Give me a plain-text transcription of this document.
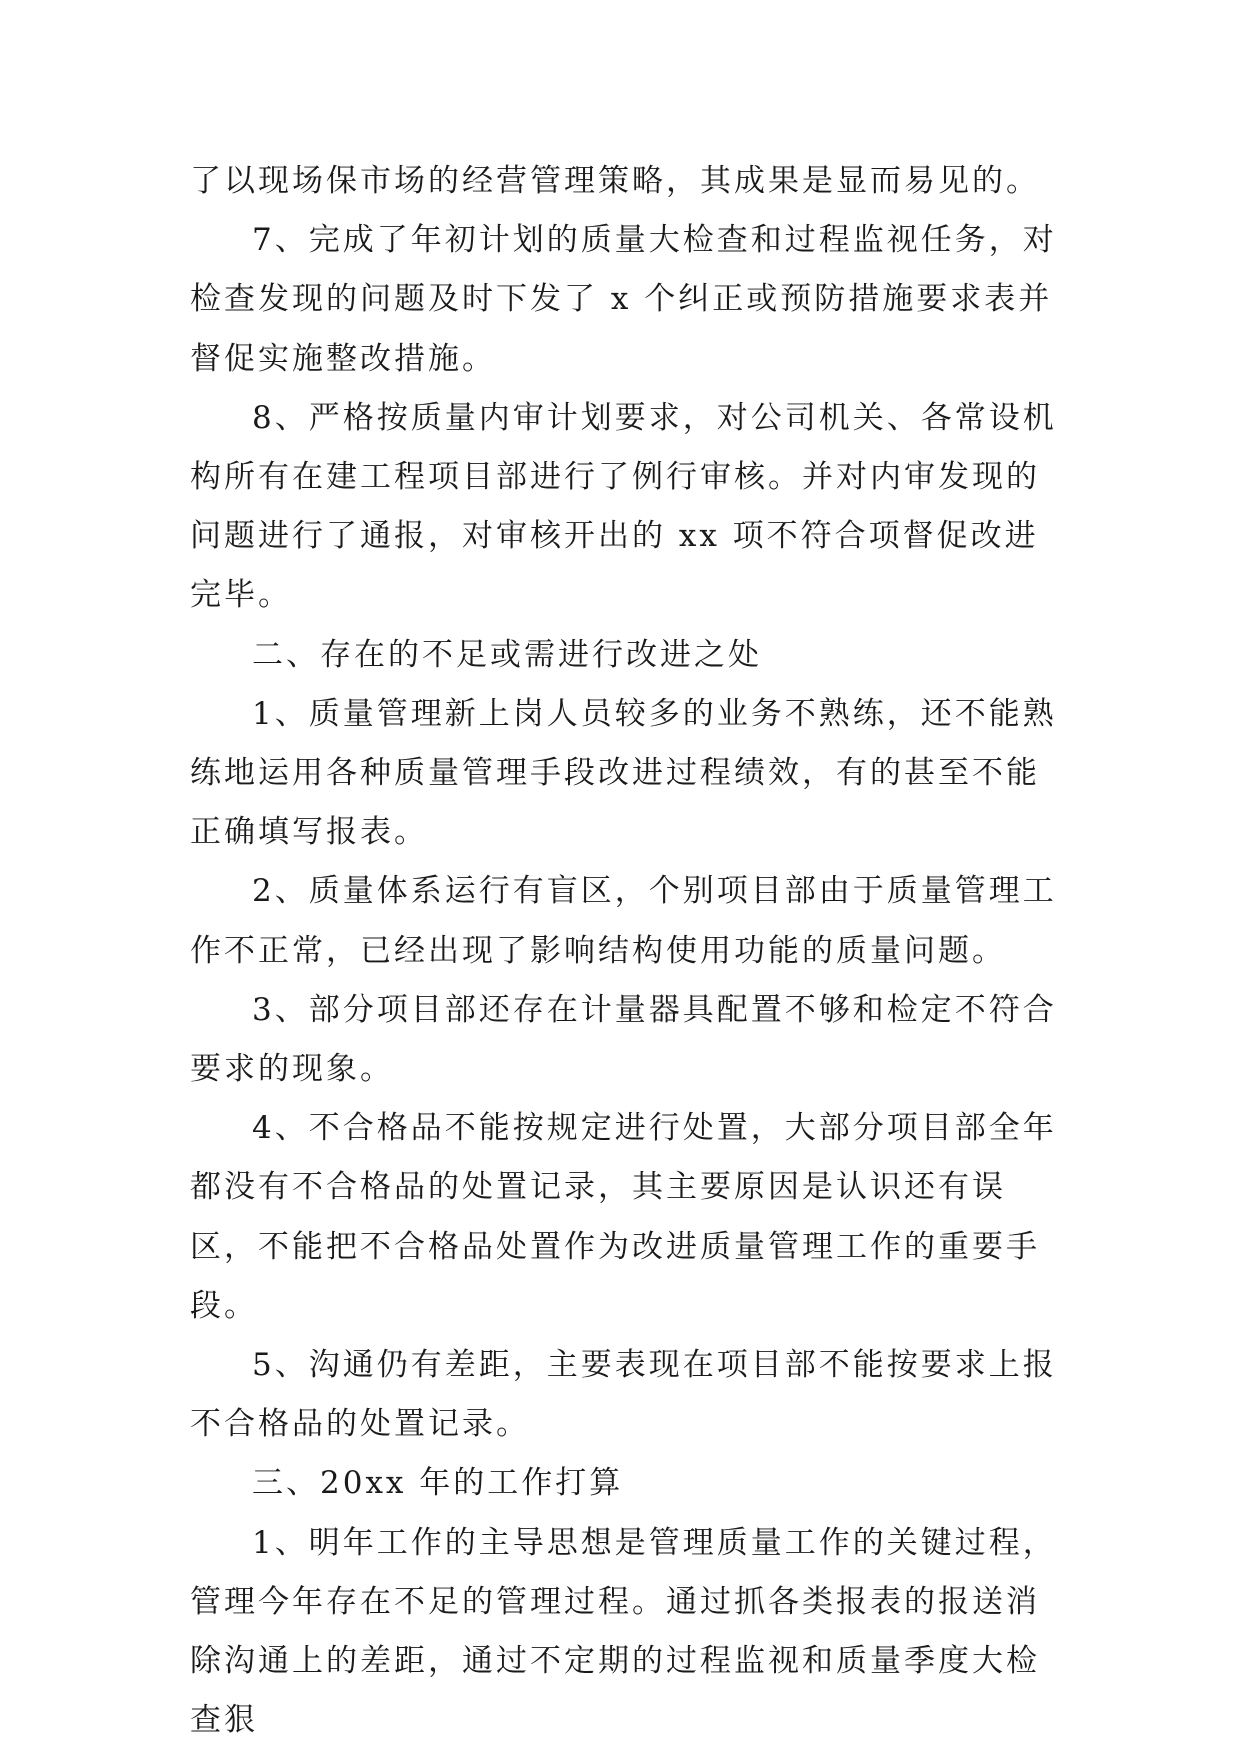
了以现场保市场的经营管理策略，其成果是显而易见的。

7、完成了年初计划的质量大检查和过程监视任务，对检查发现的问题及时下发了 x 个纠正或预防措施要求表并督促实施整改措施。

8、严格按质量内审计划要求，对公司机关、各常设机构所有在建工程项目部进行了例行审核。并对内审发现的问题进行了通报，对审核开出的 xx 项不符合项督促改进完毕。

二、存在的不足或需进行改进之处

1、质量管理新上岗人员较多的业务不熟练，还不能熟练地运用各种质量管理手段改进过程绩效，有的甚至不能正确填写报表。

2、质量体系运行有盲区，个别项目部由于质量管理工作不正常，已经出现了影响结构使用功能的质量问题。

3、部分项目部还存在计量器具配置不够和检定不符合要求的现象。

4、不合格品不能按规定进行处置，大部分项目部全年都没有不合格品的处置记录，其主要原因是认识还有误区，不能把不合格品处置作为改进质量管理工作的重要手段。

5、沟通仍有差距，主要表现在项目部不能按要求上报不合格品的处置记录。

三、20xx 年的工作打算

1、明年工作的主导思想是管理质量工作的关键过程，管理今年存在不足的管理过程。通过抓各类报表的报送消除沟通上的差距，通过不定期的过程监视和质量季度大检查狠
